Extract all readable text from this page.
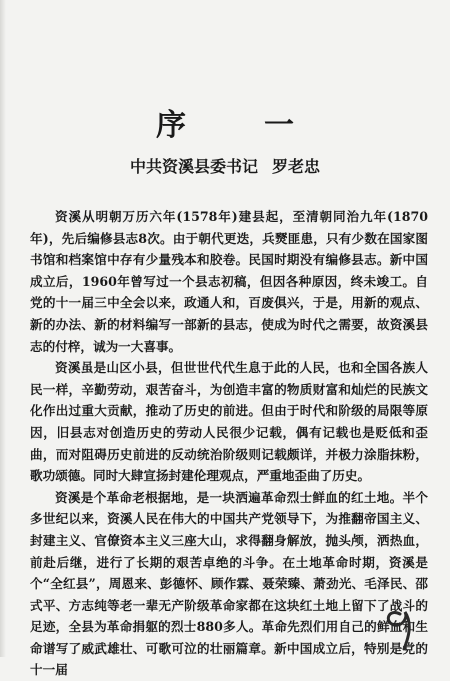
序	一
中共资溪县委书记 罗老忠

资溪从明朝万历六年(1578年)建县起，至清朝同治九年(1870年)，先后编修县志8次。由于朝代更迭，兵燹匪患，只有少数在国家图书馆和档案馆中存有少量残本和胶卷。民国时期没有编修县志。新中国成立后，1960年曾写过一个县志初稿，但因各种原因，终未竣工。自党的十一届三中全会以来，政通人和，百废俱兴，于是，用新的观点、新的办法、新的材料编写一部新的县志，使成为时代之需要，故资溪县志的付梓，诚为一大喜事。

资溪虽是山区小县，但世世代代生息于此的人民，也和全国各族人民一样，辛勤劳动，艰苦奋斗，为创造丰富的物质财富和灿烂的民族文化作出过重大贡献，推动了历史的前进。但由于时代和阶级的局限等原因，旧县志对创造历史的劳动人民很少记载，偶有记载也是贬低和歪曲，而对阻碍历史前进的反动统治阶级则记载颇详，并极力涂脂抹粉，歌功颂德。同时大肆宣扬封建伦理观点，严重地歪曲了历史。

资溪是个革命老根据地，是一块洒遍革命烈士鲜血的红土地。半个多世纪以来，资溪人民在伟大的中国共产党领导下，为推翻帝国主义、封建主义、官僚资本主义三座大山，求得翻身解放，抛头颅，洒热血，前赴后继，进行了长期的艰苦卓绝的斗争。在土地革命时期，资溪是个“全红县”，周恩来、彭德怀、顾作霖、聂荣臻、萧劲光、毛泽民、邵式平、方志纯等老一辈无产阶级革命家都在这块红土地上留下了战斗的足迹，全县为革命捐躯的烈士880多人。革命先烈们用自己的鲜血和生命谱写了威武雄壮、可歌可泣的壮丽篇章。新中国成立后，特别是党的十一届
